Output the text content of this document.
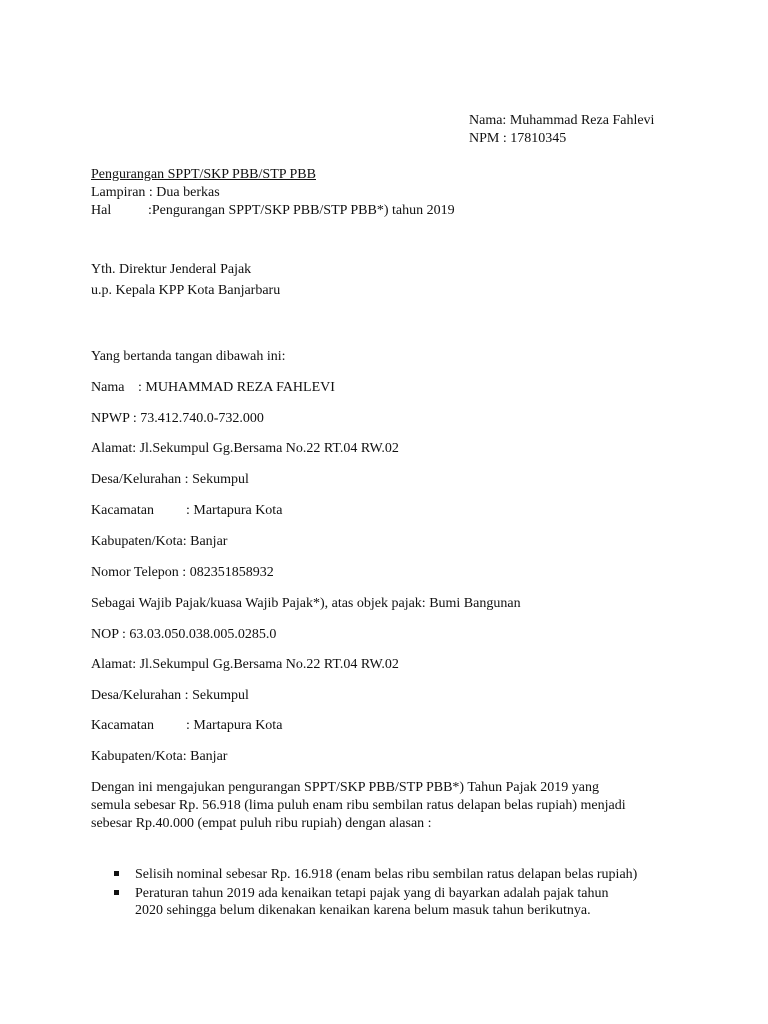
Nama: Muhammad Reza Fahlevi
NPM : 17810345
Pengurangan SPPT/SKP PBB/STP PBB
Lampiran : Dua berkas
Hal	:Pengurangan SPPT/SKP PBB/STP PBB*) tahun 2019
Yth. Direktur Jenderal Pajak
u.p. Kepala KPP Kota Banjarbaru
Yang bertanda tangan dibawah ini:
Nama : MUHAMMAD REZA FAHLEVI
NPWP : 73.412.740.0-732.000
Alamat: Jl.Sekumpul Gg.Bersama No.22 RT.04 RW.02
Desa/Kelurahan : Sekumpul
Kacamatan : Martapura Kota
Kabupaten/Kota: Banjar
Nomor Telepon : 082351858932
Sebagai Wajib Pajak/kuasa Wajib Pajak*), atas objek pajak: Bumi Bangunan
NOP : 63.03.050.038.005.0285.0
Alamat: Jl.Sekumpul Gg.Bersama No.22 RT.04 RW.02
Desa/Kelurahan : Sekumpul
Kacamatan : Martapura Kota
Kabupaten/Kota: Banjar
Dengan ini mengajukan pengurangan SPPT/SKP PBB/STP PBB*) Tahun Pajak 2019 yang
semula sebesar Rp. 56.918 (lima puluh enam ribu sembilan ratus delapan belas rupiah) menjadi
sebesar Rp.40.000 (empat puluh ribu rupiah) dengan alasan :
Selisih nominal sebesar Rp. 16.918 (enam belas ribu sembilan ratus delapan belas rupiah)
Peraturan tahun 2019 ada kenaikan tetapi pajak yang di bayarkan adalah pajak tahun
2020 sehingga belum dikenakan kenaikan karena belum masuk tahun berikutnya.
